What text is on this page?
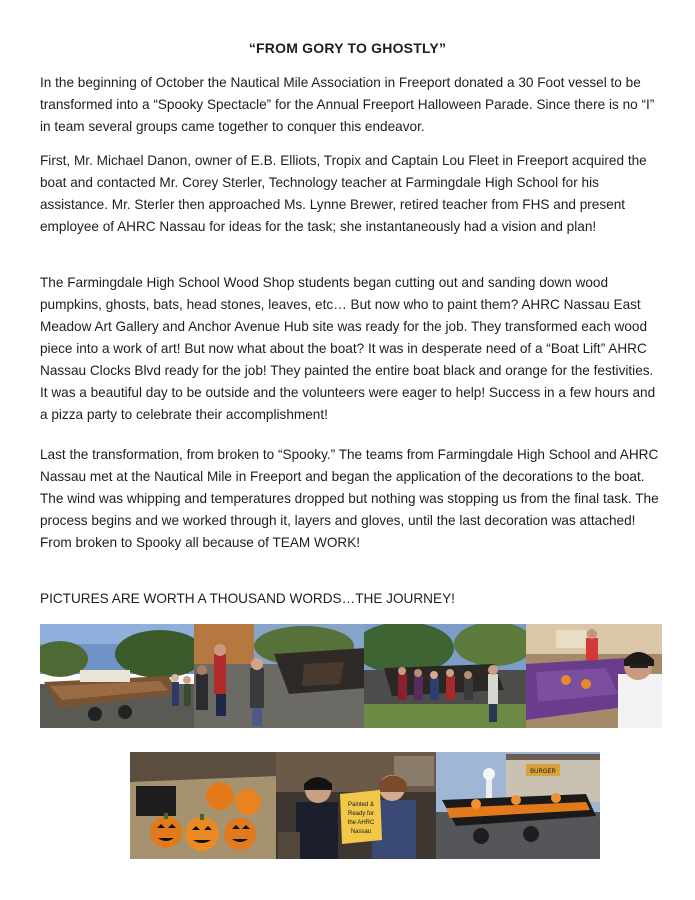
“FROM GORY TO GHOSTLY”

In the beginning of October the Nautical Mile Association in Freeport donated a 30 Foot vessel to be transformed into a “Spooky Spectacle” for the Annual Freeport Halloween Parade. Since there is no “I” in team several groups came together to conquer this endeavor.

First, Mr. Michael Danon, owner of E.B. Elliots, Tropix and Captain Lou Fleet in Freeport acquired the boat and contacted Mr. Corey Sterler, Technology teacher at Farmingdale High School for his assistance. Mr. Sterler then approached Ms. Lynne Brewer, retired teacher from FHS and present employee of AHRC Nassau for ideas for the task; she instantaneously had a vision and plan!

The Farmingdale High School Wood Shop students began cutting out and sanding down wood pumpkins, ghosts, bats, head stones, leaves, etc… But now who to paint them? AHRC Nassau East Meadow Art Gallery and Anchor Avenue Hub site was ready for the job. They transformed each wood piece into a work of art! But now what about the boat? It was in desperate need of a “Boat Lift” AHRC Nassau Clocks Blvd ready for the job! They painted the entire boat black and orange for the festivities. It was a beautiful day to be outside and the volunteers were eager to help! Success in a few hours and a pizza party to celebrate their accomplishment!

Last the transformation, from broken to “Spooky.” The teams from Farmingdale High School and AHRC Nassau met at the Nautical Mile in Freeport and began the application of the decorations to the boat. The wind was whipping and temperatures dropped but nothing was stopping us from the final task. The process begins and we worked through it, layers and gloves, until the last decoration was attached! From broken to Spooky all because of TEAM WORK!

PICTURES ARE WORTH A THOUSAND WORDS…THE JOURNEY!

Painted &
Ready for
the AHRC
Nassau
BURGER
